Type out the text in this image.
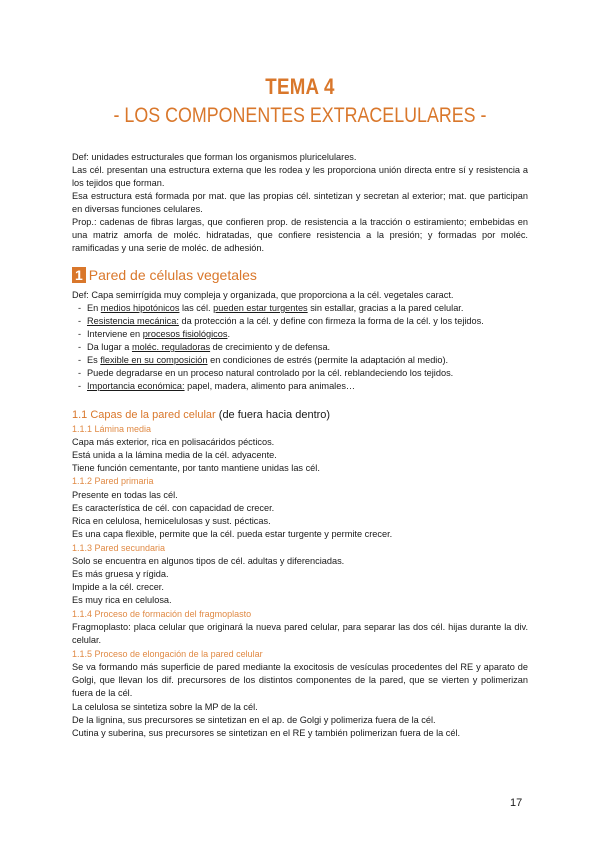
TEMA 4
- LOS COMPONENTES EXTRACELULARES -
Def: unidades estructurales que forman los organismos pluricelulares.

Las cél. presentan una estructura externa que les rodea y les proporciona unión directa entre sí y resistencia a los tejidos que forman.

Esa estructura está formada por mat. que las propias cél. sintetizan y secretan al exterior; mat. que participan en diversas funciones celulares.

Prop.: cadenas de fibras largas, que confieren prop. de resistencia a la tracción o estiramiento; embebidas en una matriz amorfa de moléc. hidratadas, que confiere resistencia a la presión; y formadas por moléc. ramificadas y una serie de moléc. de adhesión.

1 Pared de células vegetales
Def: Capa semirrígida muy compleja y organizada, que proporciona a la cél. vegetales caract.
- En medios hipotónicos las cél. pueden estar turgentes sin estallar, gracias a la pared celular.
- Resistencia mecánica: da protección a la cél. y define con firmeza la forma de la cél. y los tejidos.
- Interviene en procesos fisiológicos.
- Da lugar a moléc. reguladoras de crecimiento y de defensa.
- Es flexible en su composición en condiciones de estrés (permite la adaptación al medio).
- Puede degradarse en un proceso natural controlado por la cél. reblandeciendo los tejidos.
- Importancia económica: papel, madera, alimento para animales…
1.1 Capas de la pared celular (de fuera hacia dentro)
1.1.1 Lámina media
Capa más exterior, rica en polisacáridos pécticos.
Está unida a la lámina media de la cél. adyacente.
Tiene función cementante, por tanto mantiene unidas las cél.
1.1.2 Pared primaria
Presente en todas las cél.
Es característica de cél. con capacidad de crecer.
Rica en celulosa, hemicelulosas y sust. pécticas.
Es una capa flexible, permite que la cél. pueda estar turgente y permite crecer.
1.1.3 Pared secundaria
Solo se encuentra en algunos tipos de cél. adultas y diferenciadas.
Es más gruesa y rígida.
Impide a la cél. crecer.
Es muy rica en celulosa.
1.1.4 Proceso de formación del fragmoplasto

Fragmoplasto: placa celular que originará la nueva pared celular, para separar las dos cél. hijas durante la div. celular.

1.1.5 Proceso de elongación de la pared celular

Se va formando más superficie de pared mediante la exocitosis de vesículas procedentes del RE y aparato de Golgi, que llevan los dif. precursores de los distintos componentes de la pared, que se vierten y polimerizan fuera de la cél.

La celulosa se sintetiza sobre la MP de la cél.
De la lignina, sus precursores se sintetizan en el ap. de Golgi y polimeriza fuera de la cél.
Cutina y suberina, sus precursores se sintetizan en el RE y también polimerizan fuera de la cél.
17
